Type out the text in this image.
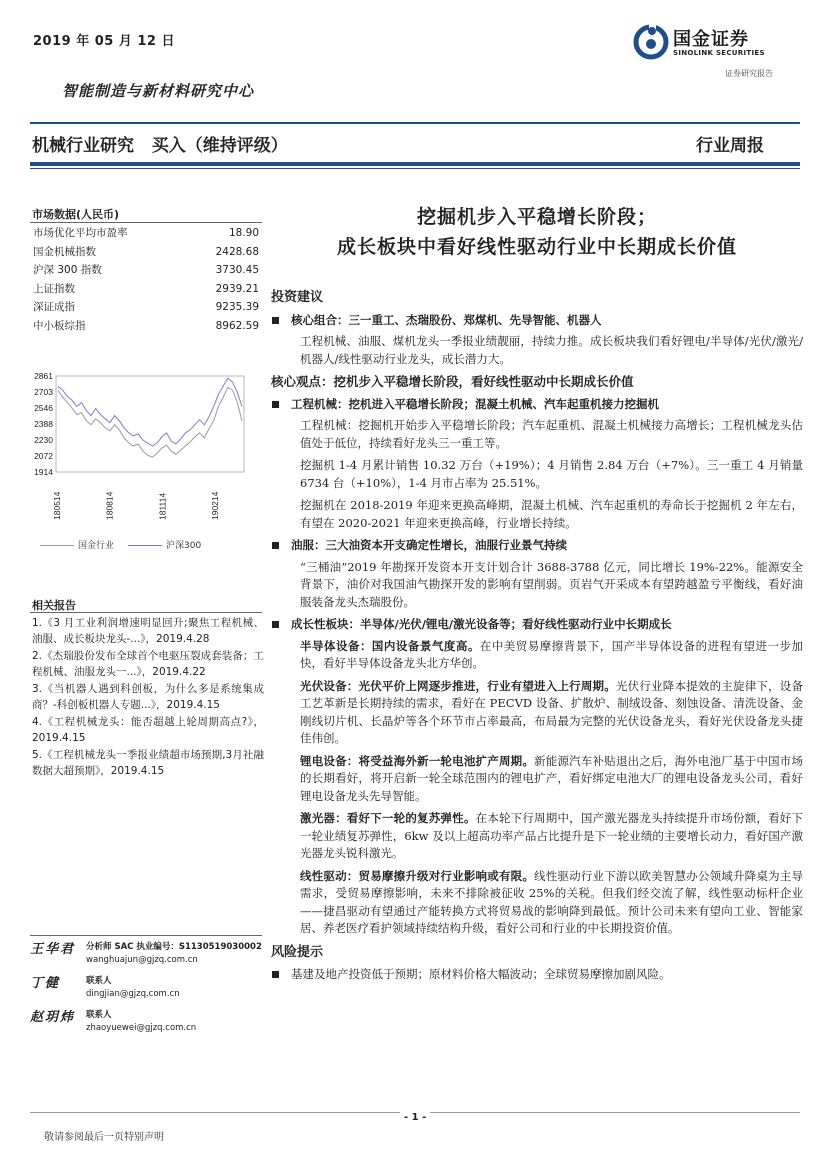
2019 年 05 月 12 日	国金证券
SINOLINK SECURITIES
证券研究报告
智能制造与新材料研究中心
机械行业研究   买入（维持评级）	行业周报
市场数据(人民币)
市场优化平均市盈率	18.90
国金机械指数	2428.68
沪深 300 指数	3730.45
上证指数	2939.21
深证成指	9235.39
中小板综指	8962.59
2861
2703
2546
2388
2230
2072
1914
180514	180814	181114	190214
国金行业	沪深300
相关报告
1.《3 月工业利润增速明显回升;聚焦工程机械、油服、成长板块龙头-...》，2019.4.28
2.《杰瑞股份发布全球首个电驱压裂成套装备；工程机械、油服龙头一...》，2019.4.22
3.《当机器人遇到科创板，为什么多是系统集成商？-科创板机器人专题...》，2019.4.15
4.《工程机械龙头：能否超越上轮周期高点?》，2019.4.15
5.《工程机械龙头一季报业绩超市场预期,3月社融数据大超预期》，2019.4.15
王华君 分析师 SAC 执业编号：S1130519030002
wanghuajun@gjzq.com.cn
丁健	联系人
dingjian@gjzq.com.cn
赵玥炜 联系人
zhaoyuewei@gjzq.com.cn
挖掘机步入平稳增长阶段；
成长板块中看好线性驱动行业中长期成长价值
投资建议
核心组合：三一重工、杰瑞股份、郑煤机、先导智能、机器人

工程机械、油服、煤机龙头一季报业绩靓丽，持续力推。成长板块我们看好锂电/半导体/光伏/激光/机器人/线性驱动行业龙头，成长潜力大。

核心观点：挖机步入平稳增长阶段，看好线性驱动中长期成长价值
工程机械：挖机进入平稳增长阶段；混凝土机械、汽车起重机接力挖掘机

工程机械：挖掘机开始步入平稳增长阶段；汽车起重机、混凝土机械接力高增长；工程机械龙头估值处于低位，持续看好龙头三一重工等。

挖掘机 1-4 月累计销售 10.32 万台（+19%）；4 月销售 2.84 万台（+7%）。三一重工 4 月销量 6734 台（+10%），1-4 月市占率为 25.51%。

挖掘机在 2018-2019 年迎来更换高峰期，混凝土机械、汽车起重机的寿命长于挖掘机 2 年左右，有望在 2020-2021 年迎来更换高峰，行业增长持续。

油服：三大油资本开支确定性增长，油服行业景气持续

“三桶油”2019 年勘探开发资本开支计划合计 3688-3788 亿元，同比增长 19%-22%。能源安全背景下，油价对我国油气勘探开发的影响有望削弱。页岩气开采成本有望跨越盈亏平衡线，看好油服装备龙头杰瑞股份。

成长性板块：半导体/光伏/锂电/激光设备等；看好线性驱动行业中长期成长

半导体设备：国内设备景气度高。在中美贸易摩擦背景下，国产半导体设备的进程有望进一步加快，看好半导体设备龙头北方华创。

光伏设备：光伏平价上网逐步推进，行业有望进入上行周期。光伏行业降本提效的主旋律下，设备工艺革新是长期持续的需求，看好在 PECVD 设备、扩散炉、制绒设备、刻蚀设备、清洗设备、金刚线切片机、长晶炉等各个环节市占率最高，布局最为完整的光伏设备龙头，看好光伏设备龙头捷佳伟创。

锂电设备：将受益海外新一轮电池扩产周期。新能源汽车补贴退出之后，海外电池厂基于中国市场的长期看好，将开启新一轮全球范围内的锂电扩产，看好绑定电池大厂的锂电设备龙头公司，看好锂电设备龙头先导智能。

激光器：看好下一轮的复苏弹性。在本轮下行周期中，国产激光器龙头持续提升市场份额，看好下一轮业绩复苏弹性，6kw 及以上超高功率产品占比提升是下一轮业绩的主要增长动力，看好国产激光器龙头锐科激光。

线性驱动：贸易摩擦升级对行业影响或有限。线性驱动行业下游以欧美智慧办公领域升降桌为主导需求，受贸易摩擦影响，未来不排除被征收 25%的关税。但我们经交流了解，线性驱动标杆企业——捷昌驱动有望通过产能转换方式将贸易战的影响降到最低。预计公司未来有望向工业、智能家居、养老医疗看护领域持续结构升级，看好公司和行业的中长期投资价值。

风险提示
基建及地产投资低于预期；原材料价格大幅波动；全球贸易摩擦加剧风险。
- 1 -
敬请参阅最后一页特别声明
